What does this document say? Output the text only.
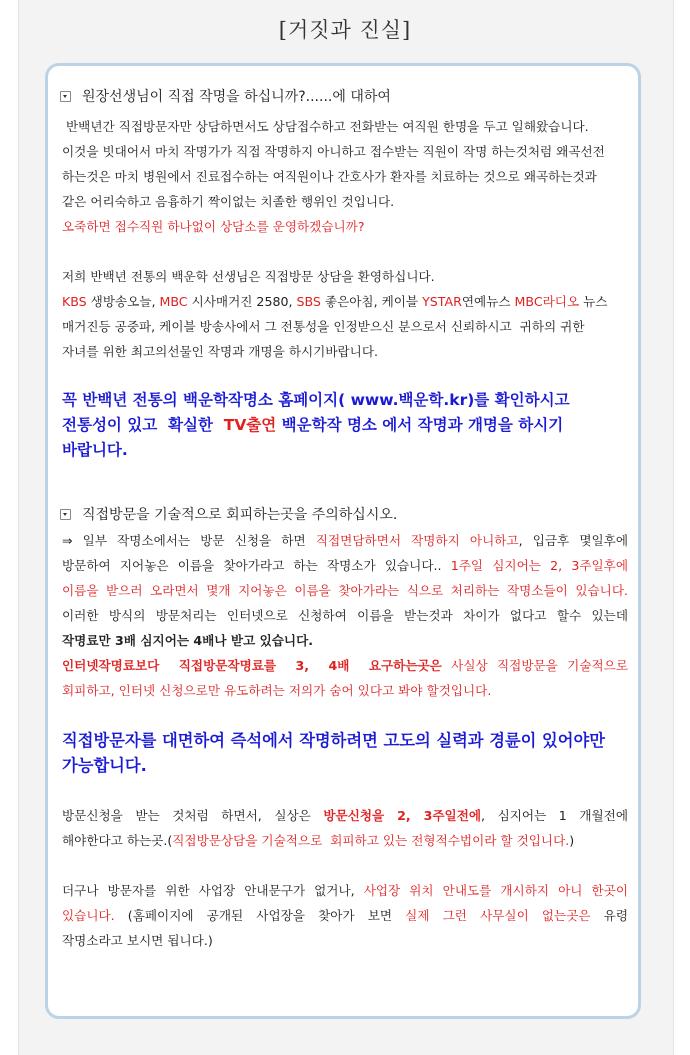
[거짓과 진실]
원장선생님이 직접 작명을 하십니까?......에 대하여
반백년간 직접방문자만 상담하면서도 상담접수하고 전화받는 여직원 한명을 두고 일해왔습니다.
이것을 빗대어서 마치 작명가가 직접 작명하지 아니하고 접수받는 직원이 작명 하는것처럼 왜곡선전
하는것은 마치 병원에서 진료접수하는 여직원이나 간호사가 환자를 치료하는 것으로 왜곡하는것과
같은 어리숙하고 음흉하기 짝이없는 치졸한 행위인 것입니다.
오죽하면 접수직원 하나없이 상담소를 운영하겠습니까?
저희 반백년 전통의 백운학 선생님은 직접방문 상담을 환영하십니다.
KBS 생방송오늘, MBC 시사매거진 2580, SBS 좋은아침, 케이블 YSTAR연예뉴스 MBC라디오 뉴스
매거진등 공중파, 케이블 방송사에서 그 전통성을 인정받으신 분으로서 신뢰하시고  귀하의 귀한
자녀를 위한 최고의선물인 작명과 개명을 하시기바랍니다.
꼭 반백년 전통의 백운학작명소 홈페이지( www.백운학.kr)를 확인하시고
전통성이 있고  확실한  TV출연 백운학작 명소 에서 작명과 개명을 하시기
바랍니다.
직접방문을 기술적으로 회피하는곳을 주의하십시오.
⇒ 일부 작명소에서는 방문 신청을 하면 직접면담하면서 작명하지 아니하고, 입금후 몇일후에
방문하여 지어놓은 이름을 찾아가라고 하는 작명소가 있습니다.. 1주일 심지어는 2, 3주일후에
이름을 받으러 오라면서 몇개 지어놓은 이름을 찾아가라는 식으로 처리하는 작명소들이 있습니다.
이러한 방식의 방문처리는 인터넷으로 신청하여 이름을 받는것과 차이가 없다고 할수 있는데
작명료만 3배 심지어는 4배나 받고 있습니다.
인터넷작명료보다  직접방문작명료를  3,  4배  요구하는곳은 사실상 직접방문을 기술적으로
회피하고, 인터넷 신청으로만 유도하려는 저의가 숨어 있다고 봐야 할것입니다.
직접방문자를 대면하여 즉석에서 작명하려면 고도의 실력과 경륜이 있어야만
가능합니다.
방문신청을 받는 것처럼 하면서, 실상은 방문신청을 2, 3주일전에, 심지어는 1 개월전에
해야한다고 하는곳.(직접방문상담을 기술적으로  회피하고 있는 전형적수법이라 할 것입니다.)
더구나 방문자를 위한 사업장 안내문구가 없거나, 사업장 위치 안내도를 개시하지 아니 한곳이
있습니다. (홈페이지에 공개된 사업장을 찾아가 보면 실제 그런 사무실이 없는곳은 유령
작명소라고 보시면 됩니다.)
